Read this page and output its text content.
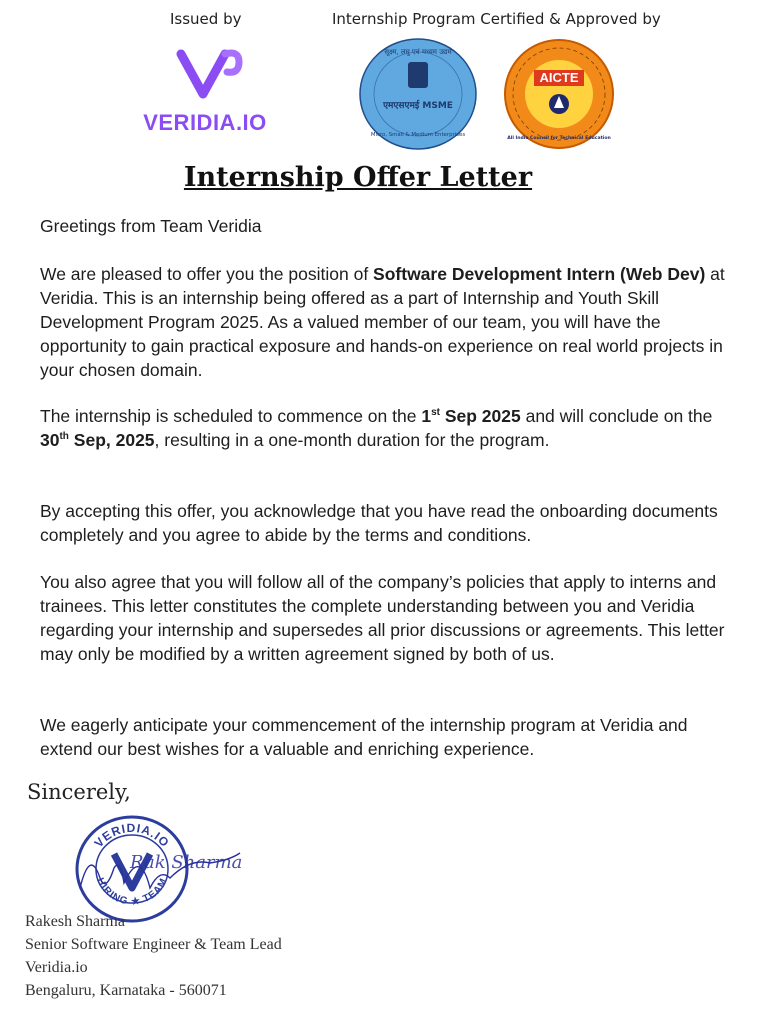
Issued by	Internship Program Certified & Approved by
VERIDIA.IO
सूक्ष्म, लघु एवं मध्यम उद्यम
एमएसएमई MSME
Micro, Small & Medium Enterprises
AICTE
All India Council for Technical Education
Internship Offer Letter

Greetings from Team Veridia

We are pleased to offer you the position of Software Development Intern (Web Dev) at Veridia. This is an internship being offered as a part of Internship and Youth Skill Development Program 2025. As a valued member of our team, you will have the opportunity to gain practical exposure and hands-on experience on real world projects in your chosen domain.

The internship is scheduled to commence on the 1st Sep 2025 and will conclude on the 30th Sep, 2025, resulting in a one-month duration for the program.

By accepting this offer, you acknowledge that you have read the onboarding documents completely and you agree to abide by the terms and conditions.

You also agree that you will follow all of the company’s policies that apply to interns and trainees. This letter constitutes the complete understanding between you and Veridia regarding your internship and supersedes all prior discussions or agreements. This letter may only be modified by a written agreement signed by both of us.

We eagerly anticipate your commencement of the internship program at Veridia and extend our best wishes for a valuable and enriching experience.

Sincerely,
VERIDIA.IO
HIRING ★ TEAM
Rak Sharma
Rakesh Sharma
Senior Software Engineer & Team Lead
Veridia.io
Bengaluru, Karnataka - 560071
